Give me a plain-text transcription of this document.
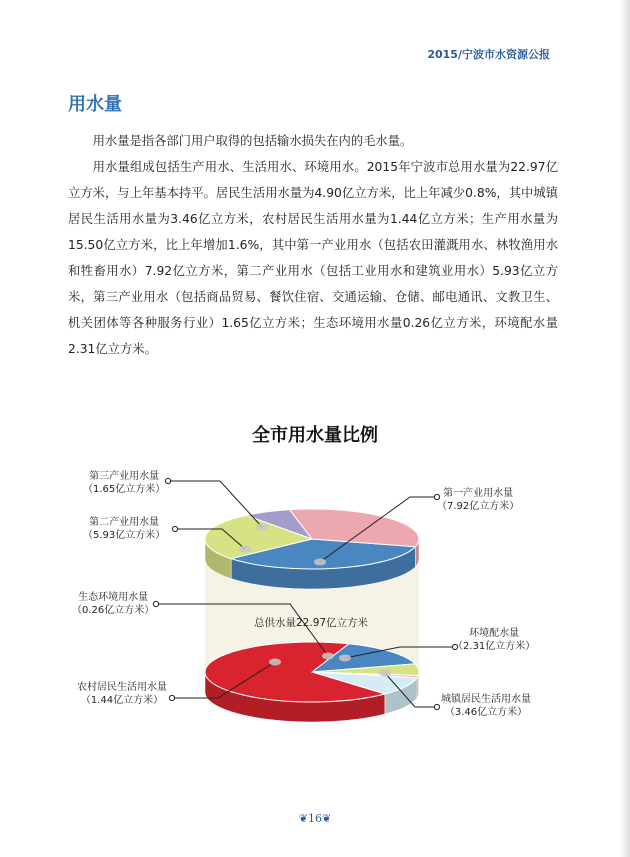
2015/宁波市水资源公报
用水量

用水量是指各部门用户取得的包括输水损失在内的毛水量。

用水量组成包括生产用水、生活用水、环境用水。2015年宁波市总用水量为22.97亿立方米，与上年基本持平。居民生活用水量为4.90亿立方米，比上年减少0.8%，其中城镇居民生活用水量为3.46亿立方米，农村居民生活用水量为1.44亿立方米；生产用水量为15.50亿立方米，比上年增加1.6%，其中第一产业用水（包括农田灌溉用水、林牧渔用水和牲畜用水）7.92亿立方米，第二产业用水（包括工业用水和建筑业用水）5.93亿立方米，第三产业用水（包括商品贸易、餐饮住宿、交通运输、仓储、邮电通讯、文教卫生、机关团体等各种服务行业）1.65亿立方米；生态环境用水量0.26亿立方米，环境配水量2.31亿立方米。

全市用水量比例
第三产业用水量
（1.65亿立方米）
第二产业用水量
（5.93亿立方米）
第一产业用水量
（7.92亿立方米）
生态环境用水量
（0.26亿立方米）
环境配水量
（2.31亿立方米）
农村居民生活用水量
（1.44亿立方米）	城镇居民生活用水量
（3.46亿立方米）
总供水量22.97亿立方米
❦16❦
